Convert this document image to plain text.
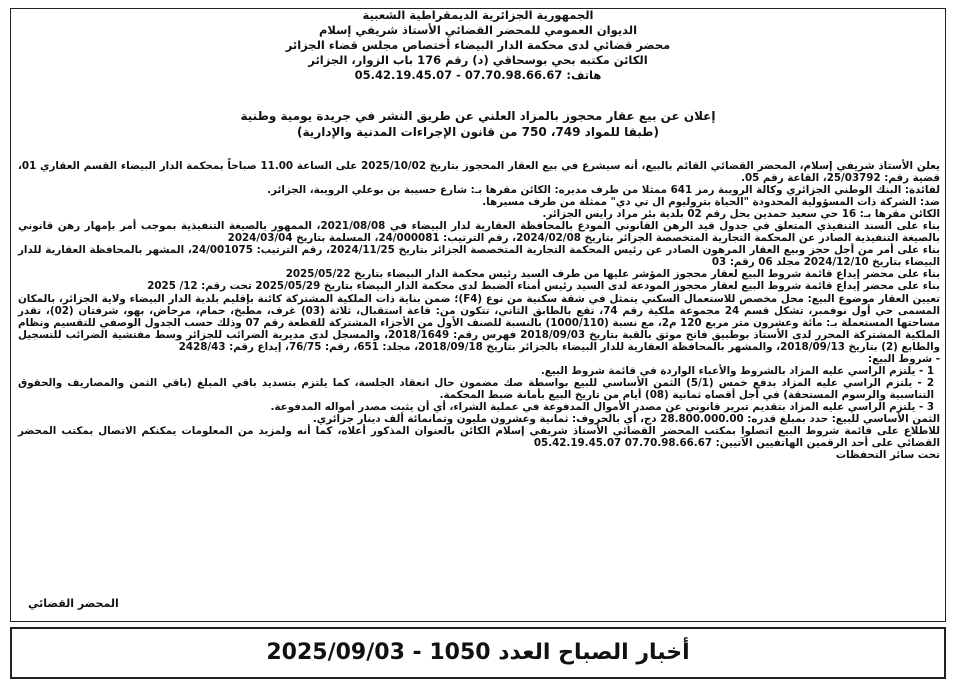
الجمهورية الجزائرية الديمقراطية الشعبية
الديوان العمومي للمحضر القضائي الأستاذ شريفي إسلام
محضر قضائي لدى محكمة الدار البيضاء أختصاص مجلس قضاء الجزائر
الكائن مكتبه بحي بوسحاقي (د) رقم 176 باب الزوار، الجزائر
هاتف: 07.70.98.66.67 - 05.42.19.45.07
إعلان عن بيع عقار محجوز بالمزاد العلني عن طريق النشر في جريدة يومية وطنية
(طبقا للمواد 749، 750 من قانون الإجراءات المدنية والإدارية)

يعلن الأستاذ شريفي إسلام، المحضر القضائي القائم بالبيع، أنه سيشرع في بيع العقار المحجوز بتاريخ 2025/10/02 على الساعة 11.00 صباحاً بمحكمة الدار البيضاء القسم العقاري 01، قضية رقم: 25/03792، القاعة رقم 05.

لفائدة: البنك الوطني الجزائري وكالة الرويبة رمز 641 ممثلا من طرف مديره: الكائن مقرها بـ: شارع حسيبة بن بوعلي الرويبة، الجزائر.

ضد: الشركة ذات المسؤولية المحدودة "الحياة بتروليوم ال تي دي" ممثلة من طرف مسيرها.

الكائن مقرها بـ: 16 حي سعيد حمدين بحل رقم 02 بلدية بئر مراد رايس الجزائر.

بناء على السند التنفيذي المتعلق في جدول قيد الرهن القانوني المودع بالمحافظة العقارية لدار البيضاء في 2021/08/08، الممهور بالصيغة التنفيذية بموجب أمر بإمهار رهن قانوني بالصيغة التنفيذية الصادر عن المحكمة التجارية المتخصصة الجزائر بتاريخ 2024/02/08، رقم الترتيب: 24/000081، المسلمة بتاريخ 2024/03/04

بناء على أمر من أجل حجز وبيع العقار المرهون الصادر عن رئيس المحكمة التجارية المتخصصة الجزائر بتاريخ 2024/11/25، رقم الترتيب: 24/001075، المشهر بالمحافظة العقارية للدار البيضاء بتاريخ 2024/12/10 مجلد 06 رقم: 03

بناء على محضر إيداع قائمة شروط البيع لعقار محجوز المؤشر عليها من طرف السيد رئيس محكمة الدار البيضاء بتاريخ 2025/05/22

بناء على محضر إيداع قائمة شروط البيع لعقار محجوز المودعة لدى السيد رئيس أمناء الضبط لدى محكمة الدار البيضاء بتاريخ 2025/05/29 تحت رقم: 12/ 2025

تعيين العقار موضوع البيع: محل مخصص للاستعمال السكني يتمثل في شقة سكنية من نوع (F4)؛ ضمن بناية ذات الملكية المشتركة كائنة بإقليم بلدية الدار البيضاء ولاية الجزائر، بالمكان المسمى حي أول نوفمبر، تشكل قسم 24 مجموعة ملكية رقم 74، تقع بالطابق الثاني، تتكون من: قاعة استقبال، ثلاثة (03) غرف، مطبخ، حمام، مرحاض، بهو، شرفتان (02)، تقدر مساحتها المستعملة بـ: مائة وعشرون متر مربع 120 م2، مع نسبة (1000/110) بالنسبة للصنف الأول من الأجزاء المشتركة للقطعة رقم 07 وذلك حسب الجدول الوصفي للتقسيم ونظام الملكية المشتركة المحرر لدى الأستاذ بوطبيق فاتح موثق بالقبة بتاريخ 2018/09/03 فهرس رقم: 2018/1649، والمسجل لدى مديرية الضرائب للجزائر وسط مفتشية الضرائب للتسجيل والطابع (2) بتاريخ 2018/09/13، والمشهر بالمحافظة العقارية للدار البيضاء بالجزائر بتاريخ 2018/09/18، مجلد: 651، رقم: 76/75، إيداع رقم: 2428/43

- شروط البيع:

1 - يلتزم الراسي عليه المزاد بالشروط والأعباء الواردة في قائمة شروط البيع.

2 - يلتزم الراسي عليه المزاد بدفع خمس (5/1) الثمن الأساسي للبيع بواسطة صك مضمون حال انعقاد الجلسة، كما يلتزم بتسديد باقي المبلغ (باقي الثمن والمصاريف والحقوق التناسبية والرسوم المستحقة) في أجل أقصاه ثمانية (08) أيام من تاريخ البيع بأمانة ضبط المحكمة.

3 - يلتزم الراسي عليه المزاد بتقديم تبرير قانوني عن مصدر الأموال المدفوعة في عملية الشراء، أي أن يثبت مصدر أمواله المدفوعة.

الثمن الأساسي للبيع: حدد بمبلغ قدره: 28.800.000.00 دج، أي بالحروف: ثمانية وعشرون مليون وثمانمائة ألف دينار جزائري.

للاطلاع على قائمة شروط البيع اتصلوا بمكتب المحضر القضائي الأستاذ شريفي إسلام الكائن بالعنوان المذكور أعلاه، كما أنه ولمزيد من المعلومات يمكنكم الاتصال بمكتب المحضر القضائي على أحد الرقمين الهاتفيين الآتيين: 07.70.98.66.67 05.42.19.45.07

تحت سائر التحفظات

المحضر القضائي
أخبار الصباح العدد 1050 - 2025/09/03
